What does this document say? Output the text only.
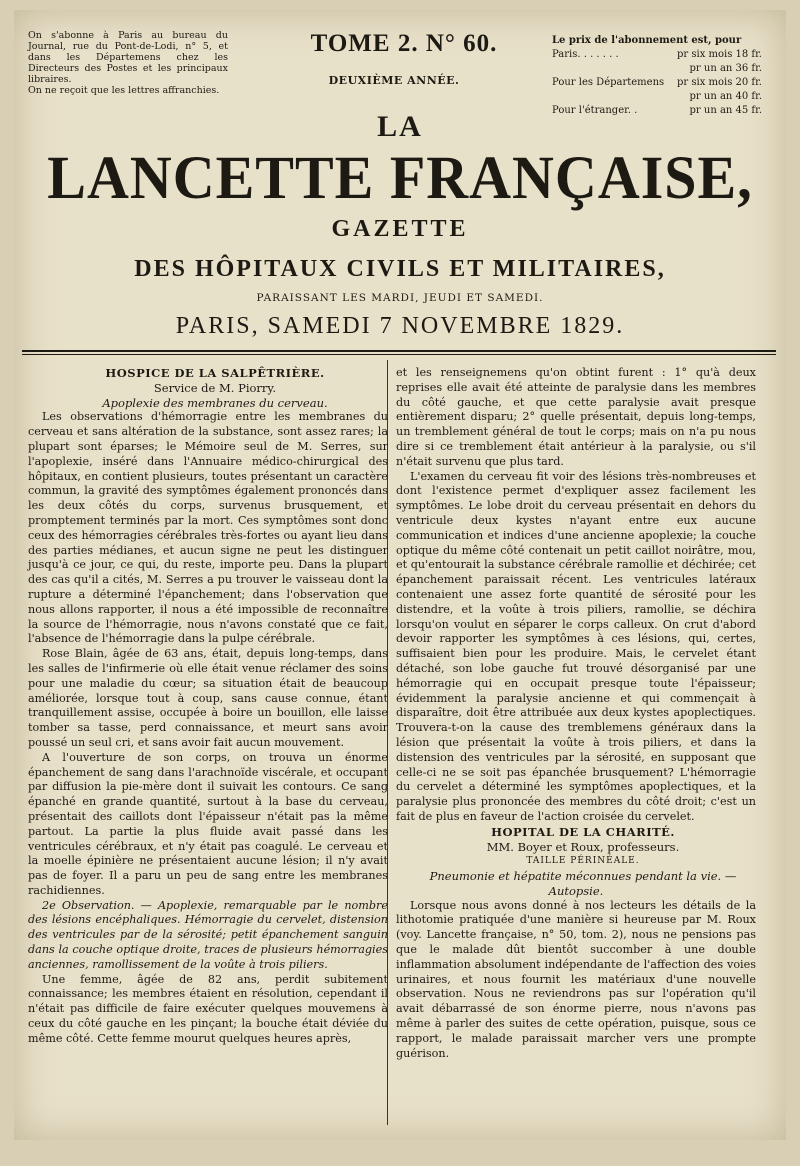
On s'abonne à Paris au bureau du Journal, rue du Pont-de-Lodi, n° 5, et dans les Départemens chez les Directeurs des Postes et les principaux libraires.

On ne reçoit que les lettres affranchies.

TOME 2. N° 60.
DEUXIÈME ANNÉE.
Le prix de l'abonnement est, pour
Paris. . . . . . .	pr six mois 18 fr.
pr un an 36 fr.
Pour les Départemens pr six mois 20 fr.
pr un an 40 fr.
Pour l'étranger. .	pr un an 45 fr.
LA
LANCETTE FRANÇAISE,
GAZETTE
DES HÔPITAUX CIVILS ET MILITAIRES,
PARAISSANT LES MARDI, JEUDI ET SAMEDI.
PARIS, SAMEDI 7 NOVEMBRE 1829.

HOSPICE DE LA SALPÊTRIÈRE.

Service de M. Piorry.

Apoplexie des membranes du cerveau.

Les observations d'hémorragie entre les membranes du cerveau et sans altération de la substance, sont assez rares; la plupart sont éparses; le Mémoire seul de M. Serres, sur l'apoplexie, inséré dans l'Annuaire médico-chirurgical des hôpitaux, en contient plusieurs, toutes présentant un caractère commun, la gravité des symptômes également prononcés dans les deux côtés du corps, survenus brusquement, et promptement terminés par la mort. Ces symptômes sont donc ceux des hémorragies cérébrales très-fortes ou ayant lieu dans des parties médianes, et aucun signe ne peut les distinguer jusqu'à ce jour, ce qui, du reste, importe peu. Dans la plupart des cas qu'il a cités, M. Serres a pu trouver le vaisseau dont la rupture a déterminé l'épanchement; dans l'observation que nous allons rapporter, il nous a été impossible de reconnaître la source de l'hémorragie, nous n'avons constaté que ce fait, l'absence de l'hémorragie dans la pulpe cérébrale.

Rose Blain, âgée de 63 ans, était, depuis long-temps, dans les salles de l'infirmerie où elle était venue réclamer des soins pour une maladie du cœur; sa situation était de beaucoup améliorée, lorsque tout à coup, sans cause connue, étant tranquillement assise, occupée à boire un bouillon, elle laisse tomber sa tasse, perd connaissance, et meurt sans avoir poussé un seul cri, et sans avoir fait aucun mouvement.

A l'ouverture de son corps, on trouva un énorme épanchement de sang dans l'arachnoïde viscérale, et occupant par diffusion la pie-mère dont il suivait les contours. Ce sang épanché en grande quantité, surtout à la base du cerveau, présentait des caillots dont l'épaisseur n'était pas la même partout. La partie la plus fluide avait passé dans les ventricules cérébraux, et n'y était pas coagulé. Le cerveau et la moelle épinière ne présentaient aucune lésion; il n'y avait pas de foyer. Il a paru un peu de sang entre les membranes rachidiennes.

2e Observation. — Apoplexie, remarquable par le nombre des lésions encéphaliques. Hémorragie du cervelet, distension des ventricules par de la sérosité; petit épanchement sanguin dans la couche optique droite, traces de plusieurs hémorragies anciennes, ramollissement de la voûte à trois piliers.

Une femme, âgée de 82 ans, perdit subitement connaissance; les membres étaient en résolution, cependant il n'était pas difficile de faire exécuter quelques mouvemens à ceux du côté gauche en les pinçant; la bouche était déviée du même côté. Cette femme mourut quelques heures après,

et les renseignemens qu'on obtint furent : 1° qu'à deux reprises elle avait été atteinte de paralysie dans les membres du côté gauche, et que cette paralysie avait presque entièrement disparu; 2° quelle présentait, depuis long-temps, un tremblement général de tout le corps; mais on n'a pu nous dire si ce tremblement était antérieur à la paralysie, ou s'il n'était survenu que plus tard.

L'examen du cerveau fit voir des lésions très-nombreuses et dont l'existence permet d'expliquer assez facilement les symptômes. Le lobe droit du cerveau présentait en dehors du ventricule deux kystes n'ayant entre eux aucune communication et indices d'une ancienne apoplexie; la couche optique du même côté contenait un petit caillot noirâtre, mou, et qu'entourait la substance cérébrale ramollie et déchirée; cet épanchement paraissait récent. Les ventricules latéraux contenaient une assez forte quantité de sérosité pour les distendre, et la voûte à trois piliers, ramollie, se déchira lorsqu'on voulut en séparer le corps calleux. On crut d'abord devoir rapporter les symptômes à ces lésions, qui, certes, suffisaient bien pour les produire. Mais, le cervelet étant détaché, son lobe gauche fut trouvé désorganisé par une hémorragie qui en occupait presque toute l'épaisseur; évidemment la paralysie ancienne et qui commençait à disparaître, doit être attribuée aux deux kystes apoplectiques. Trouvera-t-on la cause des tremblemens généraux dans la lésion que présentait la voûte à trois piliers, et dans la distension des ventricules par la sérosité, en supposant que celle-ci ne se soit pas épanchée brusquement? L'hémorragie du cervelet a déterminé les symptômes apoplectiques, et la paralysie plus prononcée des membres du côté droit; c'est un fait de plus en faveur de l'action croisée du cervelet.

HOPITAL DE LA CHARITÉ.

MM. Boyer et Roux, professeurs.

TAILLE PÉRINÉALE.

Pneumonie et hépatite méconnues pendant la vie. — Autopsie.

Lorsque nous avons donné à nos lecteurs les détails de la lithotomie pratiquée d'une manière si heureuse par M. Roux (voy. Lancette française, n° 50, tom. 2), nous ne pensions pas que le malade dût bientôt succomber à une double inflammation absolument indépendante de l'affection des voies urinaires, et nous fournit les matériaux d'une nouvelle observation. Nous ne reviendrons pas sur l'opération qu'il avait débarrassé de son énorme pierre, nous n'avons pas même à parler des suites de cette opération, puisque, sous ce rapport, le malade paraissait marcher vers une prompte guérison.
